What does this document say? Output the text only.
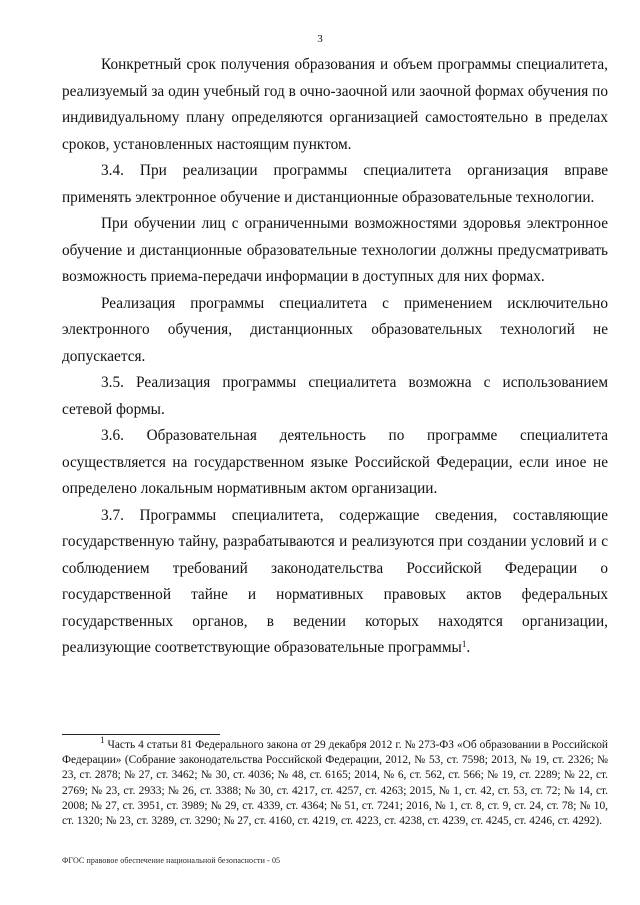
3

Конкретный срок получения образования и объем программы специалитета, реализуемый за один учебный год в очно-заочной или заочной формах обучения по индивидуальному плану определяются организацией самостоятельно в пределах сроков, установленных настоящим пунктом.

3.4. При реализации программы специалитета организация вправе применять электронное обучение и дистанционные образовательные технологии.

При обучении лиц с ограниченными возможностями здоровья электронное обучение и дистанционные образовательные технологии должны предусматривать возможность приема-передачи информации в доступных для них формах.

Реализация программы специалитета с применением исключительно электронного обучения, дистанционных образовательных технологий не допускается.

3.5. Реализация программы специалитета возможна с использованием сетевой формы.

3.6. Образовательная деятельность по программе специалитета осуществляется на государственном языке Российской Федерации, если иное не определено локальным нормативным актом организации.

3.7. Программы специалитета, содержащие сведения, составляющие государственную тайну, разрабатываются и реализуются при создании условий и с соблюдением требований законодательства Российской Федерации о государственной тайне и нормативных правовых актов федеральных государственных органов, в ведении которых находятся организации, реализующие соответствующие образовательные программы$^1$.

$^1$ Часть 4 статьи 81 Федерального закона от 29 декабря 2012 г. № 273-ФЗ «Об образовании в Российской Федерации» (Собрание законодательства Российской Федерации, 2012, № 53, ст. 7598; 2013, № 19, ст. 2326; № 23, ст. 2878; № 27, ст. 3462; № 30, ст. 4036; № 48, ст. 6165; 2014, № 6, ст. 562, ст. 566; № 19, ст. 2289; № 22, ст. 2769; № 23, ст. 2933; № 26, ст. 3388; № 30, ст. 4217, ст. 4257, ст. 4263; 2015, № 1, ст. 42, ст. 53, ст. 72; № 14, ст. 2008; № 27, ст. 3951, ст. 3989; № 29, ст. 4339, ст. 4364; № 51, ст. 7241; 2016, № 1, ст. 8, ст. 9, ст. 24, ст. 78; № 10, ст. 1320; № 23, ст. 3289, ст. 3290; № 27, ст. 4160, ст. 4219, ст. 4223, ст. 4238, ст. 4239, ст. 4245, ст. 4246, ст. 4292).
ФГОС правовое обеспечение национальной безопасности - 05
